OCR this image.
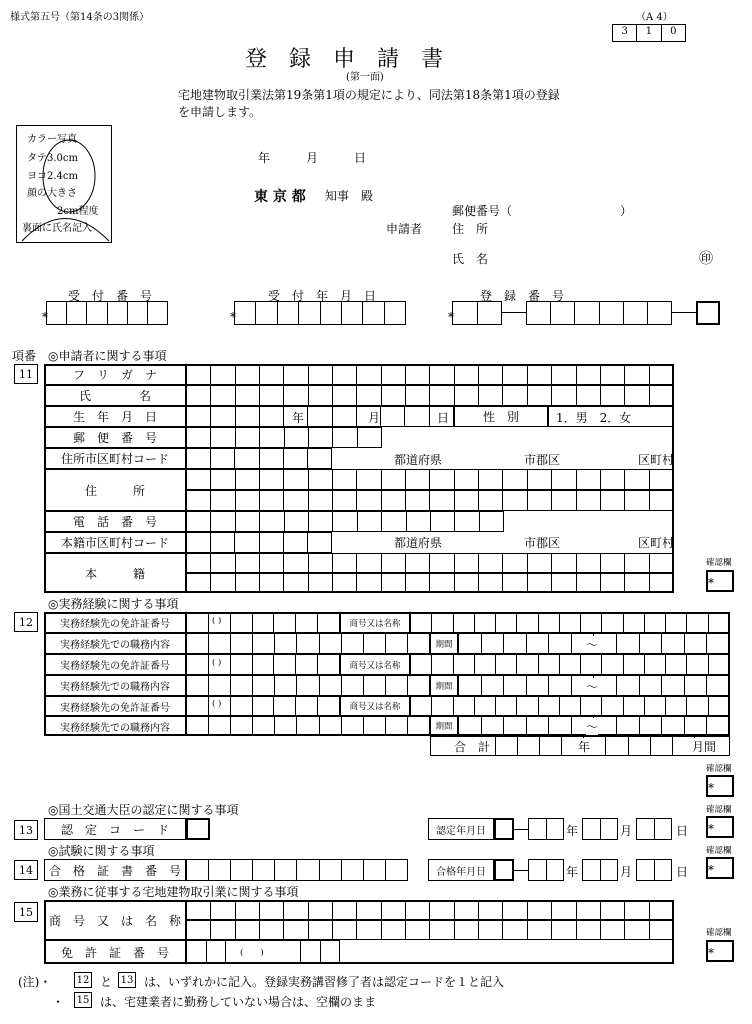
様式第五号（第14条の3関係）	（A 4）
3	1	0
登　録　申　請　書
(第一面)
宅地建物取引業法第19条第1項の規定により、同法第18条第1項の登録
を申請します。
カラー写真
タテ3.0cm
ヨコ2.4cm
顔の大きさ
2cm程度
裏面に氏名記入
年　　　月　　　日
東 京 都 知事　殿
郵便番号（　　　　　　　　　）
申請者 住　所
氏　名	㊞
受　付　番　号	受　付　年　月　日	登　録　番　号
*	*	*
項番 ◎申請者に関する事項
11	フ　リ　ガ　ナ
氏　　　　名
生　年　月　日	年	月	日	性　別	1．男　2．女
郵　便　番　号
住所市区町村コード	都道府県	市郡区	区町村
住　　　所
電　話　番　号
本籍市区町村コード	都道府県	市郡区	区町村
本　　　籍
確認欄
*
◎実務経験に関する事項
12	実務経験先の免許証番号	( )	商号又は名称
実務経験先での職務内容	期間	～
実務経験先の免許証番号	( )	商号又は名称
実務経験先での職務内容	期間	～
実務経験先の免許証番号	( )	商号又は名称
実務経験先での職務内容	期間	～
合　計	年	月間
確認欄
*
◎国土交通大臣の認定に関する事項
13	認　定　コ　ー　ド	認定年月日	年	月	日
確認欄
*
◎試験に関する事項
14	合　格　証　書　番　号	合格年月日	年	月	日
確認欄
*
◎業務に従事する宅地建物取引業に関する事項
15
商　号　又　は　名　称
免　許　証　番　号	(　　)
確認欄
*
(注)・	12 と 13 は、いずれかに記入。登録実務講習修了者は認定コードを１と記入
・ 15 は、宅建業者に勤務していない場合は、空欄のまま
